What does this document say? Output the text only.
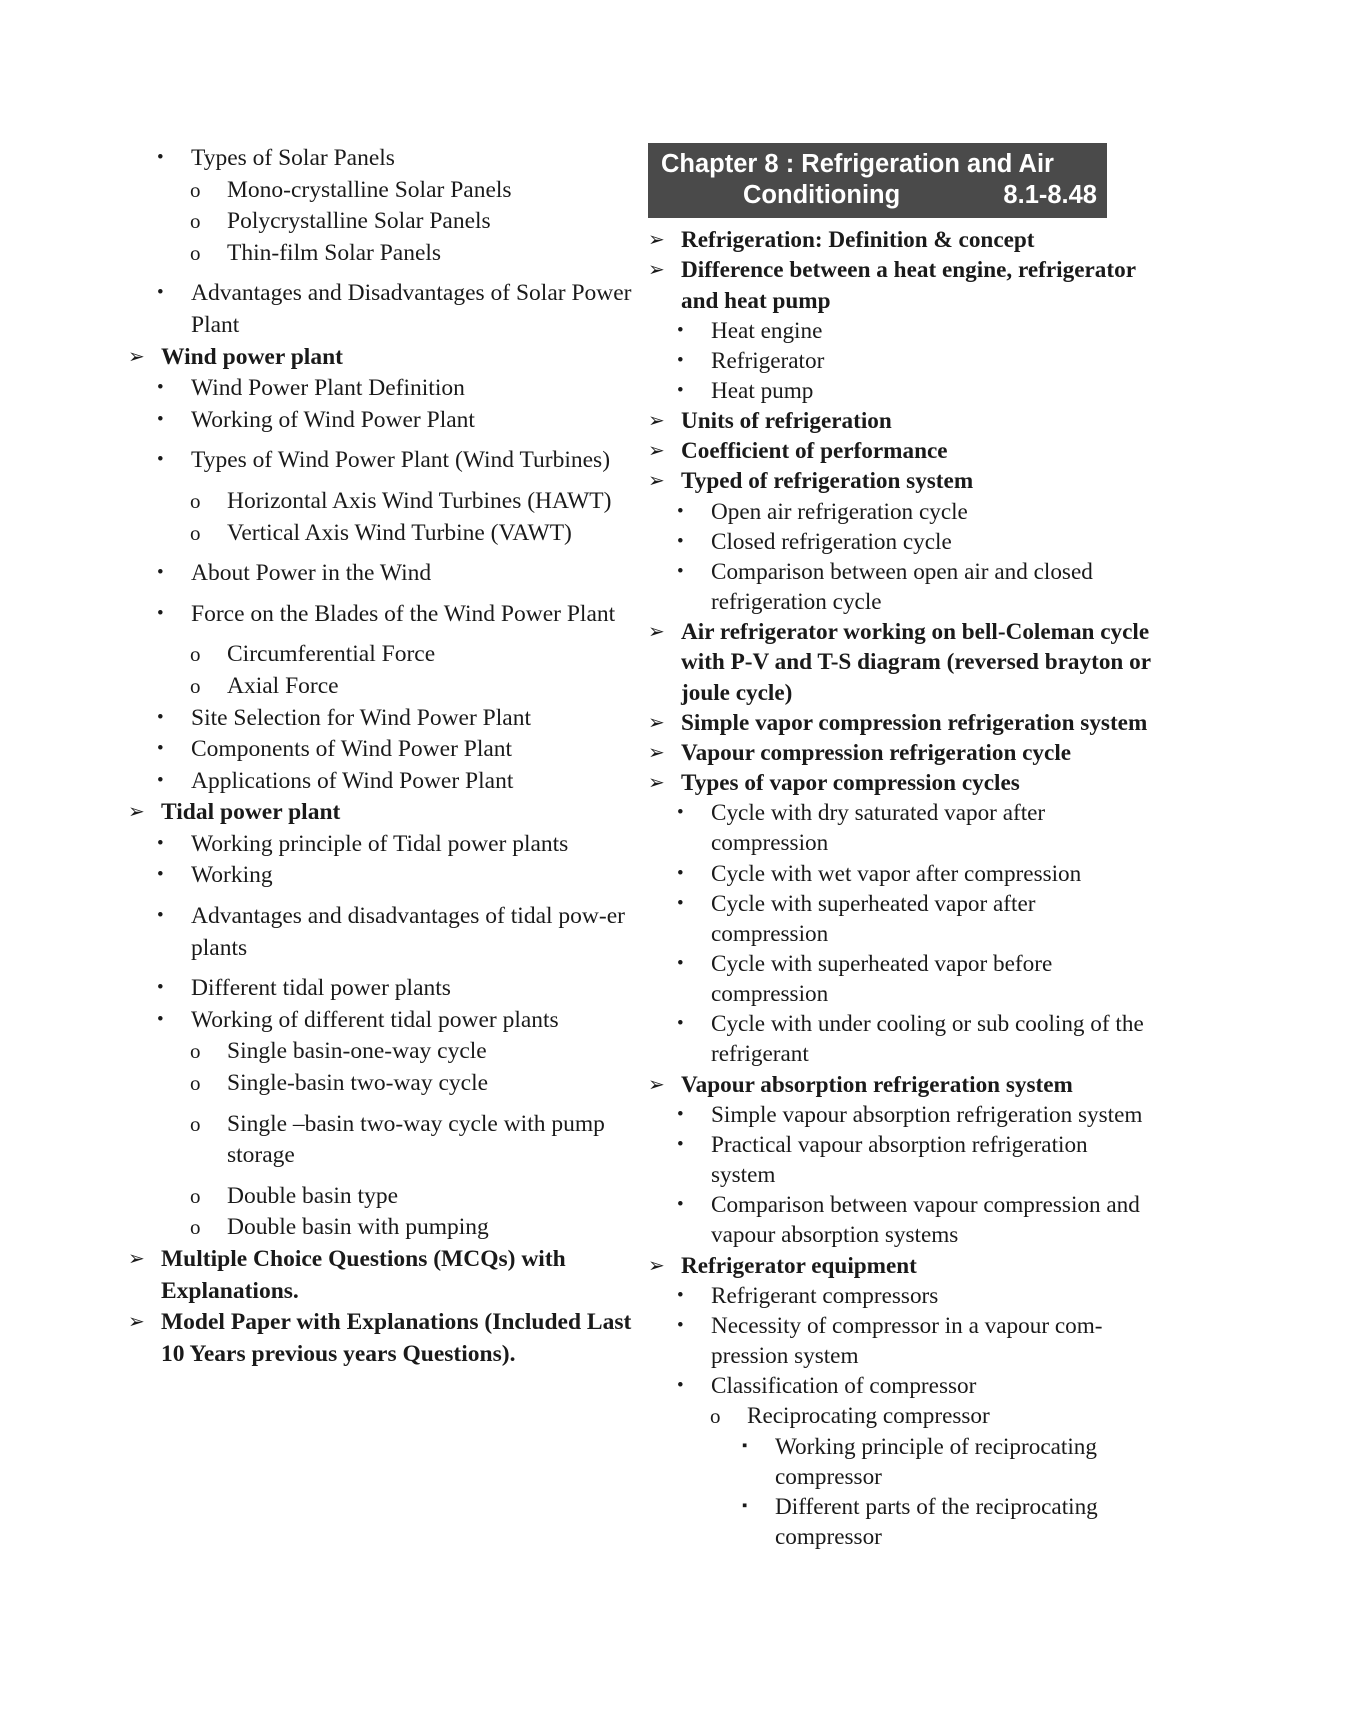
•	Types of Solar Panels
o	Mono-crystalline Solar Panels
o	Polycrystalline Solar Panels
o	Thin-film Solar Panels
•	Advantages and Disadvantages of Solar Power Plant
➢ Wind power plant
•	Wind Power Plant Definition
•	Working of Wind Power Plant
•	Types of Wind Power Plant (Wind Turbines)
o	Horizontal Axis Wind Turbines (HAWT)
o	Vertical Axis Wind Turbine (VAWT)
•	About Power in the Wind
•	Force on the Blades of the Wind Power Plant
o	Circumferential Force
o	Axial Force
•	Site Selection for Wind Power Plant
•	Components of Wind Power Plant
•	Applications of Wind Power Plant
➢ Tidal power plant
•	Working principle of Tidal power plants
•	Working
•	Advantages and disadvantages of tidal pow-er plants
•	Different tidal power plants
•	Working of different tidal power plants
o	Single basin-one-way cycle
o	Single-basin two-way cycle
o	Single –basin two-way cycle with pump storage
o	Double basin type
o	Double basin with pumping
➢ Multiple Choice Questions (MCQs) with Explanations.
➢ Model Paper with Explanations (Included Last 10 Years previous years Questions).
Chapter 8 : Refrigeration and Air
Conditioning	8.1-8.48
➢ Refrigeration: Definition & concept
➢ Difference between a heat engine, refrigerator and heat pump
•	Heat engine
•	Refrigerator
•	Heat pump
➢ Units of refrigeration
➢ Coefficient of performance
➢ Typed of refrigeration system
•	Open air refrigeration cycle
•	Closed refrigeration cycle
•	Comparison between open air and closed refrigeration cycle
➢ Air refrigerator working on bell-Coleman cycle with P-V and T-S diagram (reversed brayton or joule cycle)
➢ Simple vapor compression refrigeration system
➢ Vapour compression refrigeration cycle
➢ Types of vapor compression cycles
•	Cycle with dry saturated vapor after compression
•	Cycle with wet vapor after compression
•	Cycle with superheated vapor after compression
•	Cycle with superheated vapor before compression
•	Cycle with under cooling or sub cooling of the refrigerant
➢ Vapour absorption refrigeration system
•	Simple vapour absorption refrigeration system
•	Practical vapour absorption refrigeration system
•	Comparison between vapour compression and vapour absorption systems
➢ Refrigerator equipment
•	Refrigerant compressors
•	Necessity of compressor in a vapour com-pression system
•	Classification of compressor
o	Reciprocating compressor
▪	Working principle of reciprocating compressor
▪	Different parts of the reciprocating compressor
